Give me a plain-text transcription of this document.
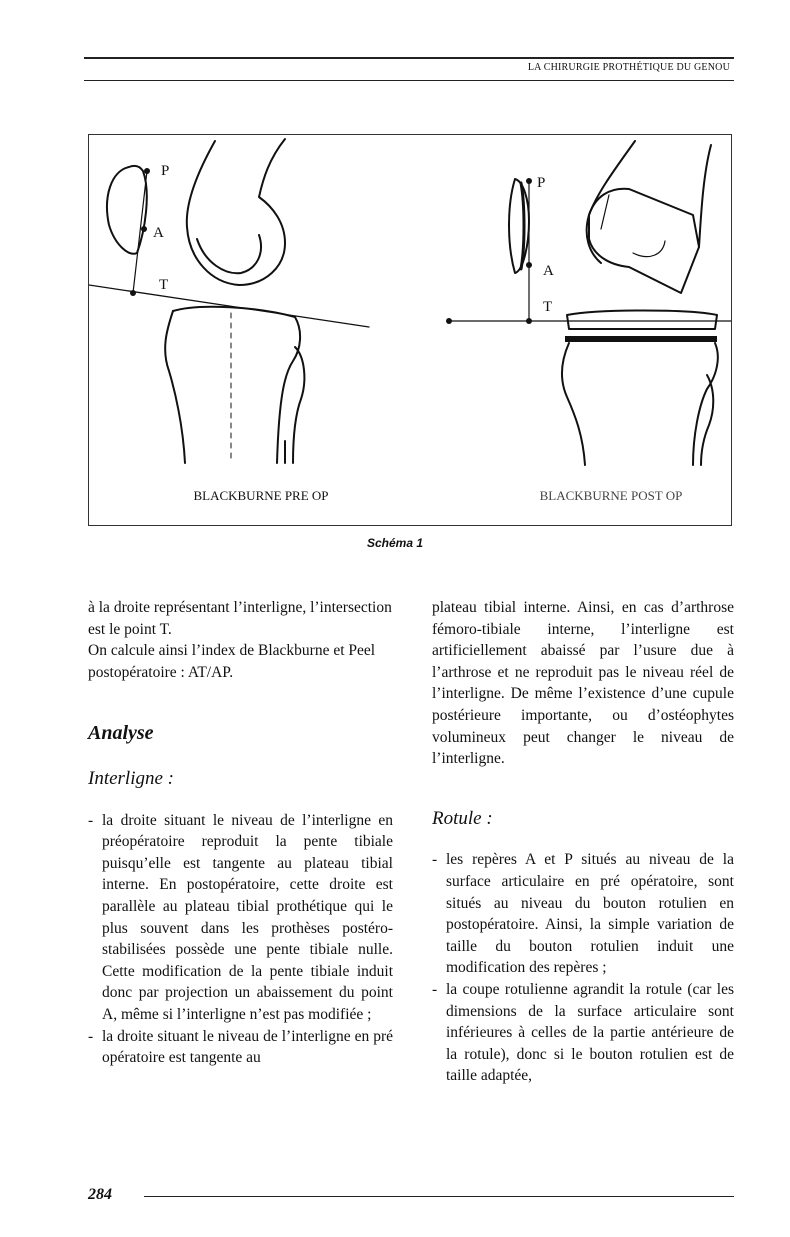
LA CHIRURGIE PROTHÉTIQUE DU GENOU
P
A
T
P
A
T
BLACKBURNE PRE OP	BLACKBURNE POST OP
Schéma 1

à la droite représentant l’interligne, l’intersection est le point T.

On calcule ainsi l’index de Blackburne et Peel postopératoire : AT/AP.

Analyse

Interligne :

- la droite situant le niveau de l’interligne en préopératoire reproduit la pente tibiale puisqu’elle est tangente au plateau tibial interne. En postopératoire, cette droite est parallèle au plateau tibial prothétique qui le plus souvent dans les prothèses postéro-stabilisées possède une pente tibiale nulle. Cette modification de la pente tibiale induit donc par projection un abaissement du point A, même si l’interligne n’est pas modifiée ;
- la droite situant le niveau de l’interligne en pré opératoire est tangente au

plateau tibial interne. Ainsi, en cas d’arthrose fémoro-tibiale interne, l’interligne est artificiellement abaissé par l’usure due à l’arthrose et ne reproduit pas le niveau réel de l’interligne. De même l’existence d’une cupule postérieure importante, ou d’ostéophytes volumineux peut changer le niveau de l’interligne.

Rotule :

- les repères A et P situés au niveau de la surface articulaire en pré opératoire, sont situés au niveau du bouton rotulien en postopératoire. Ainsi, la simple variation de taille du bouton rotulien induit une modification des repères ;
- la coupe rotulienne agrandit la rotule (car les dimensions de la surface articulaire sont inférieures à celles de la partie antérieure de la rotule), donc si le bouton rotulien est de taille adaptée,
284
